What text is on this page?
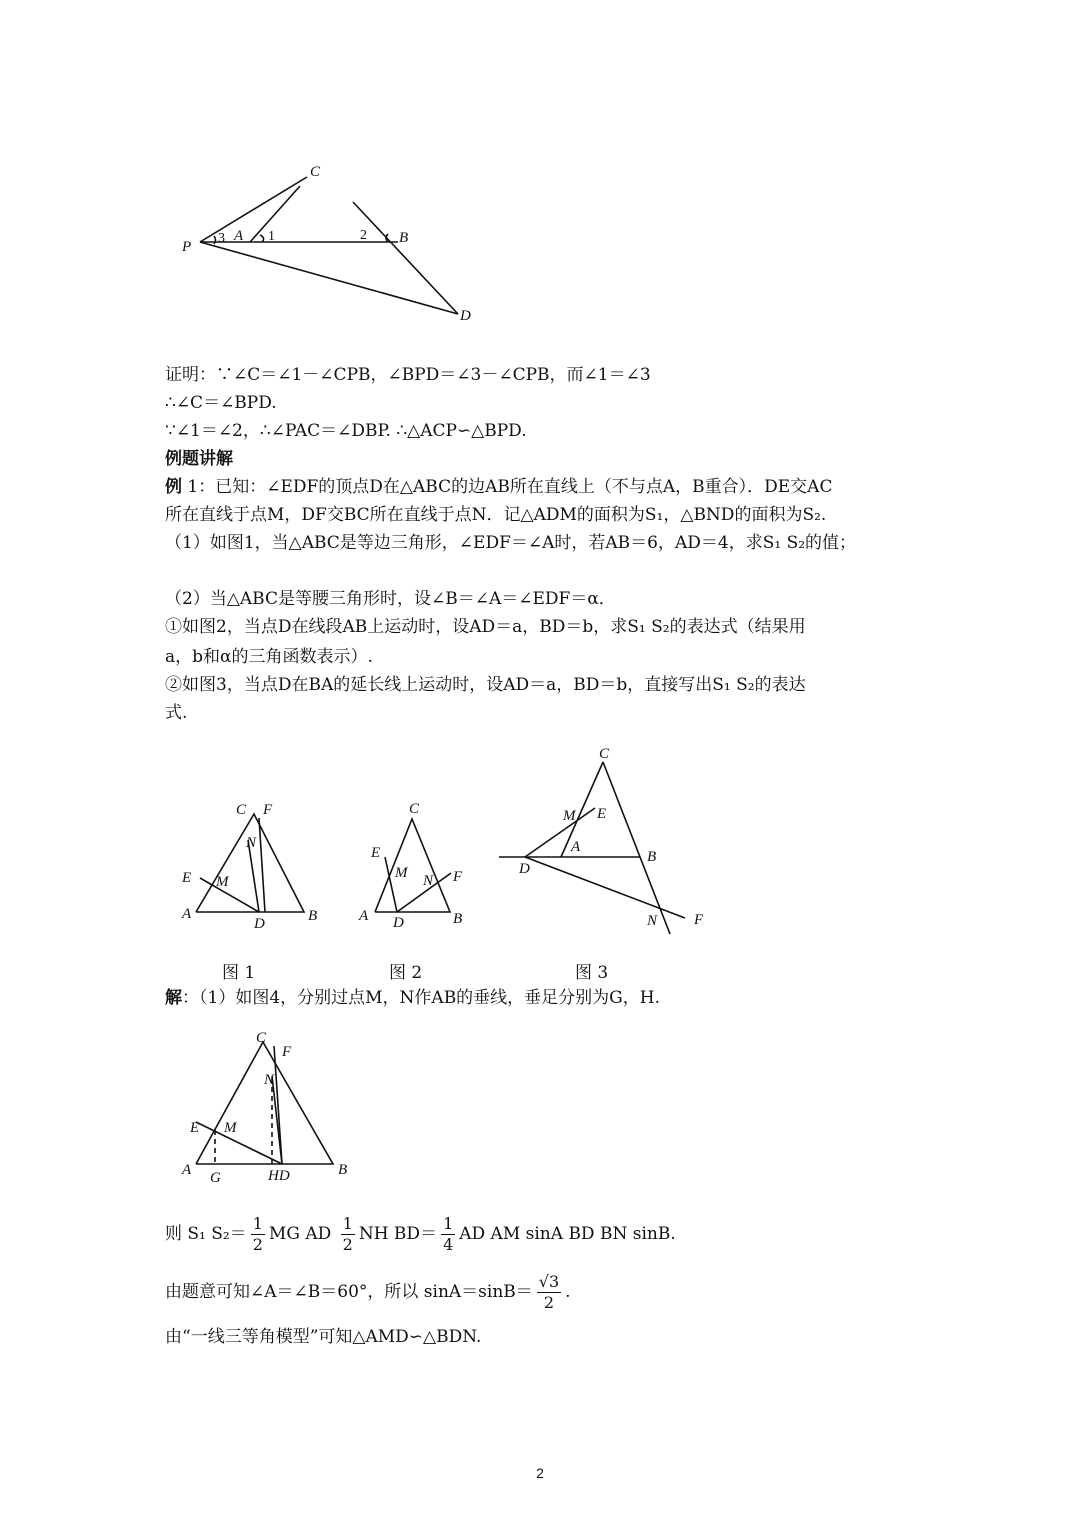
C
A
P
B
D
1	2
3
证明：∵∠C＝∠1－∠CPB，∠BPD＝∠3－∠CPB，而∠1＝∠3
∴∠C＝∠BPD.
∵∠1＝∠2，∴∠PAC＝∠DBP. ∴△ACP∽△BPD.
例题讲解
例 1：已知：∠EDF的顶点D在△ABC的边AB所在直线上（不与点A，B重合）．DE交AC
所在直线于点M，DF交BC所在直线于点N．记△ADM的面积为S₁，△BND的面积为S₂.
（1）如图1，当△ABC是等边三角形，∠EDF＝∠A时，若AB＝6，AD＝4，求S₁ S₂的值；
（2）当△ABC是等腰三角形时，设∠B＝∠A＝∠EDF＝α．
①如图2，当点D在线段AB上运动时，设AD＝a，BD＝b，求S₁ S₂的表达式（结果用
a，b和α的三角函数表示）.
②如图3，当点D在BA的延长线上运动时，设AD＝a，BD＝b，直接写出S₁ S₂的表达
式.
C F
N
E M
A
D	B
C
E
M N F
A D	B
C
M E
A
B
D
N F
图 1	图 2	图 3
解：（1）如图4，分别过点M，N作AB的垂线，垂足分别为G，H.
C
F
N
E M
A G	HD	B
则 S₁ $S_2= \frac{1}{2}$ MG AD $\frac{1}{2}$ NH $BD= \frac{1}{4}$ AD AM sinA BD BN sinB.
由题意可知∠A＝∠B＝60°，所以 $\sin A=\sin B= \frac{√3}{2}$ .
由“一线三等角模型”可知△AMD∽△BDN.
2
